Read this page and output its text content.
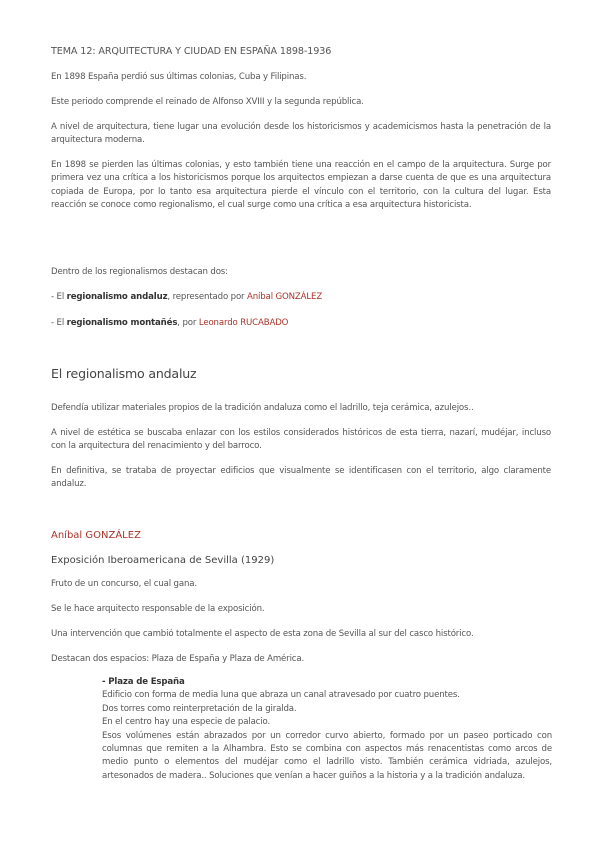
TEMA 12: ARQUITECTURA Y CIUDAD EN ESPAÑA 1898-1936

En 1898 España perdió sus últimas colonias, Cuba y Filipinas.

Este periodo comprende el reinado de Alfonso XVIII y la segunda república.

A nivel de arquitectura, tiene lugar una evolución desde los historicismos y academicismos hasta la penetración de la arquitectura moderna.

En 1898 se pierden las últimas colonias, y esto también tiene una reacción en el campo de la arquitectura. Surge por primera vez una crítica a los historicismos porque los arquitectos empiezan a darse cuenta de que es una arquitectura copiada de Europa, por lo tanto esa arquitectura pierde el vínculo con el territorio, con la cultura del lugar. Esta reacción se conoce como regionalismo, el cual surge como una crítica a esa arquitectura historicista.

Dentro de los regionalismos destacan dos:

- El regionalismo andaluz, representado por Aníbal GONZÁLEZ

- El regionalismo montañés, por Leonardo RUCABADO

El regionalismo andaluz

Defendía utilizar materiales propios de la tradición andaluza como el ladrillo, teja cerámica, azulejos..

A nivel de estética se buscaba enlazar con los estilos considerados históricos de esta tierra, nazarí, mudéjar, incluso con la arquitectura del renacimiento y del barroco.

En definitiva, se trataba de proyectar edificios que visualmente se identificasen con el territorio, algo claramente andaluz.

Aníbal GONZÁLEZ

Exposición Iberoamericana de Sevilla (1929)

Fruto de un concurso, el cual gana.

Se le hace arquitecto responsable de la exposición.

Una intervención que cambió totalmente el aspecto de esta zona de Sevilla al sur del casco histórico.

Destacan dos espacios: Plaza de España y Plaza de América.

- Plaza de España
Edificio con forma de media luna que abraza un canal atravesado por cuatro puentes.
Dos torres como reinterpretación de la giralda.
En el centro hay una especie de palacio.
Esos volúmenes están abrazados por un corredor curvo abierto, formado por un paseo porticado con columnas que remiten a la Alhambra. Esto se combina con aspectos más renacentistas como arcos de medio punto o elementos del mudéjar como el ladrillo visto. También cerámica vidriada, azulejos, artesonados de madera.. Soluciones que venían a hacer guiños a la historia y a la tradición andaluza.
